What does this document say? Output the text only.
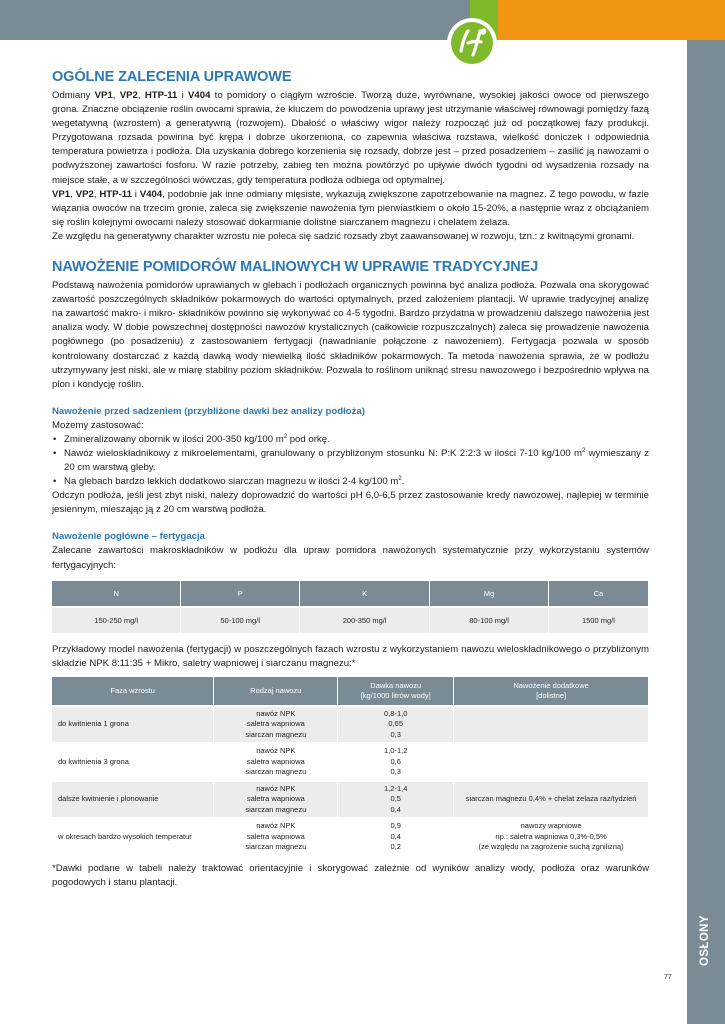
OSŁONY
77
OGÓLNE ZALECENIA UPRAWOWE

Odmiany VP1, VP2, HTP-11 i V404 to pomidory o ciągłym wzroście. Tworzą duże, wyrównane, wysokiej jakości owoce od pierwszego grona. Znaczne obciążenie roślin owocami sprawia, że kluczem do powodzenia uprawy jest utrzymanie właściwej równowagi pomiędzy fazą wegetatywną (wzrostem) a generatywną (rozwojem). Dbałość o właściwy wigor należy rozpocząć już od początkowej fazy produkcji. Przygotowana rozsada powinna być krępa i dobrze ukorzeniona, co zapewnia właściwa rozstawa, wielkość doniczek i odpowiednia temperatura powietrza i podłoża. Dla uzyskania dobrego korzenienia się rozsady, dobrze jest – przed posadzeniem – zasilić ją nawozami o podwyższonej zawartości fosforu. W razie potrzeby, zabieg ten można powtórzyć po upływie dwóch tygodni od wysadzenia rozsady na miejsce stałe, a w szczególności wówczas, gdy temperatura podłoża odbiega od optymalnej.

VP1, VP2, HTP-11 i V404, podobnie jak inne odmiany mięsiste, wykazują zwiększone zapotrzebowanie na magnez. Z tego powodu, w fazie wiązania owoców na trzecim gronie, zaleca się zwiększenie nawożenia tym pierwiastkiem o około 15-20%, a następnie wraz z obciążaniem się roślin kolejnymi owocami należy stosować dokarmianie dolistne siarczanem magnezu i chelatem żelaza.

Ze względu na generatywny charakter wzrostu nie poleca się sadzić rozsady zbyt zaawansowanej w rozwoju, tzn.: z kwitnącymi gronami.

NAWOŻENIE POMIDORÓW MALINOWYCH W UPRAWIE TRADYCYJNEJ

Podstawą nawożenia pomidorów uprawianych w glebach i podłożach organicznych powinna być analiza podłoża. Pozwala ona skorygować zawartość poszczególnych składników pokarmowych do wartości optymalnych, przed założeniem plantacji. W uprawie tradycyjnej analizę na zawartość makro- i mikro- składników powinno się wykonywać co 4-5 tygodni. Bardzo przydatna w prowadzeniu dalszego nawożenia jest analiza wody. W dobie powszechnej dostępności nawozów krystalicznych (całkowicie rozpuszczalnych) zaleca się prowadzenie nawożenia pogłównego (po posadzeniu) z zastosowaniem fertygacji (nawadnianie połączone z nawożeniem). Fertygacja pozwala w sposób kontrolowany dostarczać z każdą dawką wody niewielką ilość składników pokarmowych. Ta metoda nawożenia sprawia, że w podłożu utrzymywany jest niski, ale w miarę stabilny poziom składników. Pozwala to roślinom uniknąć stresu nawozowego i bezpośrednio wpływa na plon i kondycję roślin.

Nawożenie przed sadzeniem (przybliżone dawki bez analizy podłoża)

Możemy zastosować:

• Zmineralizowany obornik w ilości 200-350 kg/100 $m^2$ pod orkę.
• Nawóz wieloskładnikowy z mikroelementami, granulowany o przybliżonym stosunku N: P:K 2:2:3 w ilości 7-10 kg/100 $m^2$ wymieszany z 20 cm warstwą gleby.
• Na glebach bardzo lekkich dodatkowo siarczan magnezu w ilości 2-4 kg/100 $m^2$.

Odczyn podłoża, jeśli jest zbyt niski, należy doprowadzić do wartości pH 6,0-6,5 przez zastosowanie kredy nawozowej, najlepiej w terminie jesiennym, mieszając ją z 20 cm warstwą podłoża.

Nawożenie pogłówne – fertygacja

Zalecane zawartości makroskładników w podłożu dla upraw pomidora nawożonych systematycznie przy wykorzystaniu systemów fertygacyjnych:

N	P	K	Mg	Ca
150-250 mg/l	50-100 mg/l	200-350 mg/l	80-100 mg/l	1500 mg/l

Przykładowy model nawożenia (fertygacji) w poszczególnych fazach wzrostu z wykorzystaniem nawozu wieloskładnikowego o przybliżonym składzie NPK 8:11:35 + Mikro, saletry wapniowej i siarczanu magnezu:*

Faza wzrostu	Rodzaj nawozu	Dawka nawozu
[kg/1000 litrów wody]	Nawożenie dodatkowe
[dolistne]
do kwitnienia 1 grona	nawóz NPK
saletra wapniowa
siarczan magnezu	0,8-1,0
0,65
0,3	
do kwitnienia 3 grona	nawóz NPK
saletra wapniowa
siarczan magnezu	1,0-1,2
0,6
0,3	
dalsze kwitnienie i plonowanie	nawóz NPK
saletra wapniowa
siarczan magnezu	1,2-1,4
0,5
0,4	siarczan magnezu 0,4% + chelat żelaza raz/tydzień
w okresach bardzo wysokich temperatur	nawóz NPK
saletra wapniowa
siarczan magnezu	0,9
0,4
0,2	nawozy wapniowe
np.: saletra wapniowa 0,3%-0,5%
(ze względu na zagrożenie suchą zgnilizną)

*Dawki podane w tabeli należy traktować orientacyjnie i skorygować zależnie od wyników analizy wody, podłoża oraz warunków pogodowych i stanu plantacji.
